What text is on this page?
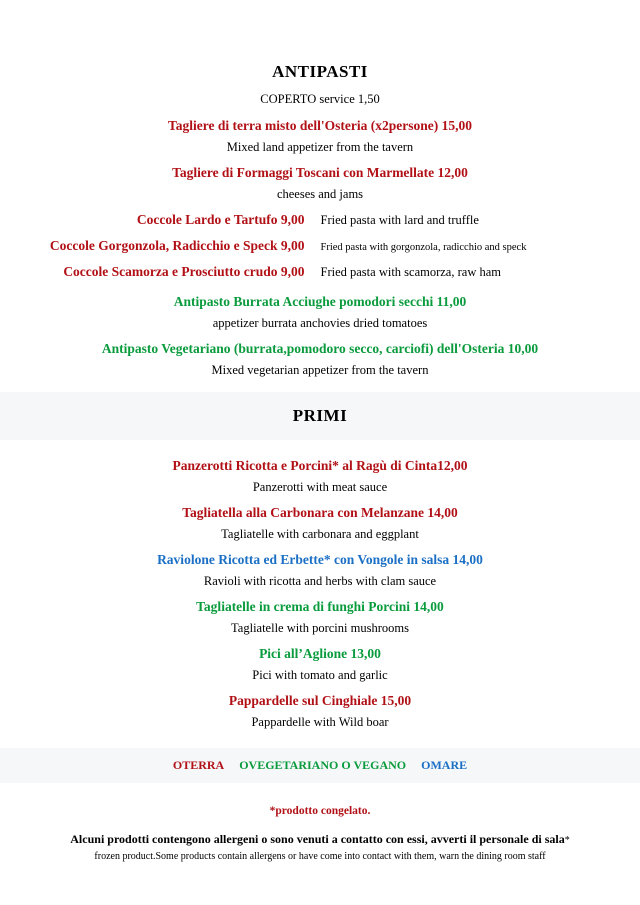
ANTIPASTI
COPERTO service 1,50
Tagliere di terra misto dell'Osteria (x2persone) 15,00
Mixed land appetizer from the tavern
Tagliere di Formaggi Toscani con Marmellate 12,00
cheeses and jams
Coccole Lardo e Tartufo 9,00 Fried pasta with lard and truffle
Coccole Gorgonzola, Radicchio e Speck 9,00 Fried pasta with gorgonzola, radicchio and speck
Coccole Scamorza e Prosciutto crudo 9,00 Fried pasta with scamorza, raw ham
Antipasto Burrata Acciughe pomodori secchi 11,00
appetizer burrata anchovies dried tomatoes
Antipasto Vegetariano (burrata,pomodoro secco, carciofi) dell'Osteria 10,00
Mixed vegetarian appetizer from the tavern
PRIMI
Panzerotti Ricotta e Porcini* al Ragù di Cinta12,00
Panzerotti with meat sauce
Tagliatella alla Carbonara con Melanzane 14,00
Tagliatelle with carbonara and eggplant
Raviolone Ricotta ed Erbette* con Vongole in salsa 14,00
Ravioli with ricotta and herbs with clam sauce
Tagliatelle in crema di funghi Porcini 14,00
Tagliatelle with porcini mushrooms
Pici all’Aglione 13,00
Pici with tomato and garlic
Pappardelle sul Cinghiale 15,00
Pappardelle with Wild boar
OTERRA OVEGETARIANO O VEGANO OMARE
*prodotto congelato.
Alcuni prodotti contengono allergeni o sono venuti a contatto con essi, avverti il personale di sala* frozen product.Some products contain allergens or have come into contact with them, warn the dining room staff
